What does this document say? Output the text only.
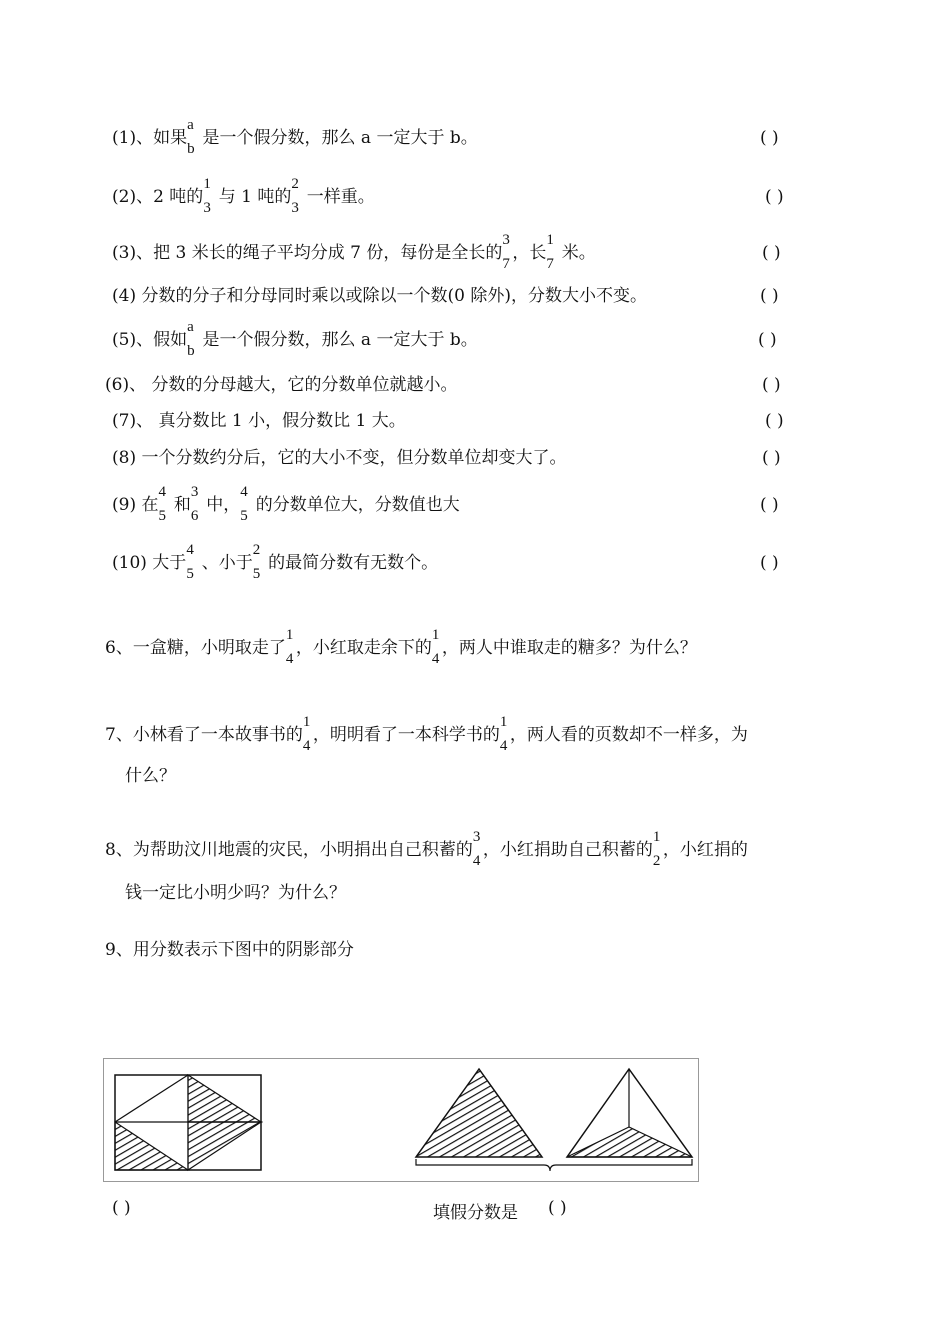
(1)、如果
a
b
是一个假分数，那么 a 一定大于 b。	( )
(2)、2 吨的
1
3
与 1 吨的
2
3
一样重。	( )
(3)、把 3 米长的绳子平均分成 7 份，每份是全长的
3
7
，长
1
7
米。	( )
(4) 分数的分子和分母同时乘以或除以一个数(0 除外)，分数大小不变。	( )
(5)、假如
a
b
是一个假分数，那么 a 一定大于 b。	( )
(6)、 分数的分母越大，它的分数单位就越小。	( )
(7)、 真分数比 1 小，假分数比 1 大。	( )
(8) 一个分数约分后，它的大小不变，但分数单位却变大了。	( )
(9) 在
4
5
和
3
6
中，
4
5
的分数单位大，分数值也大	( )
(10) 大于
4
5
、小于
2
5
的最简分数有无数个。	( )
6、一盒糖，小明取走了
1
4
，小红取走余下的
1
4
，两人中谁取走的糖多？为什么？
7、小林看了一本故事书的
1
4
，明明看了一本科学书的
1
4
，两人看的页数却不一样多，为
什么？
8、为帮助汶川地震的灾民，小明捐出自己积蓄的
3
4
，小红捐助自己积蓄的
1
2
，小红捐的
钱一定比小明少吗？为什么？
9、用分数表示下图中的阴影部分
( )	填假分数是 ( )
